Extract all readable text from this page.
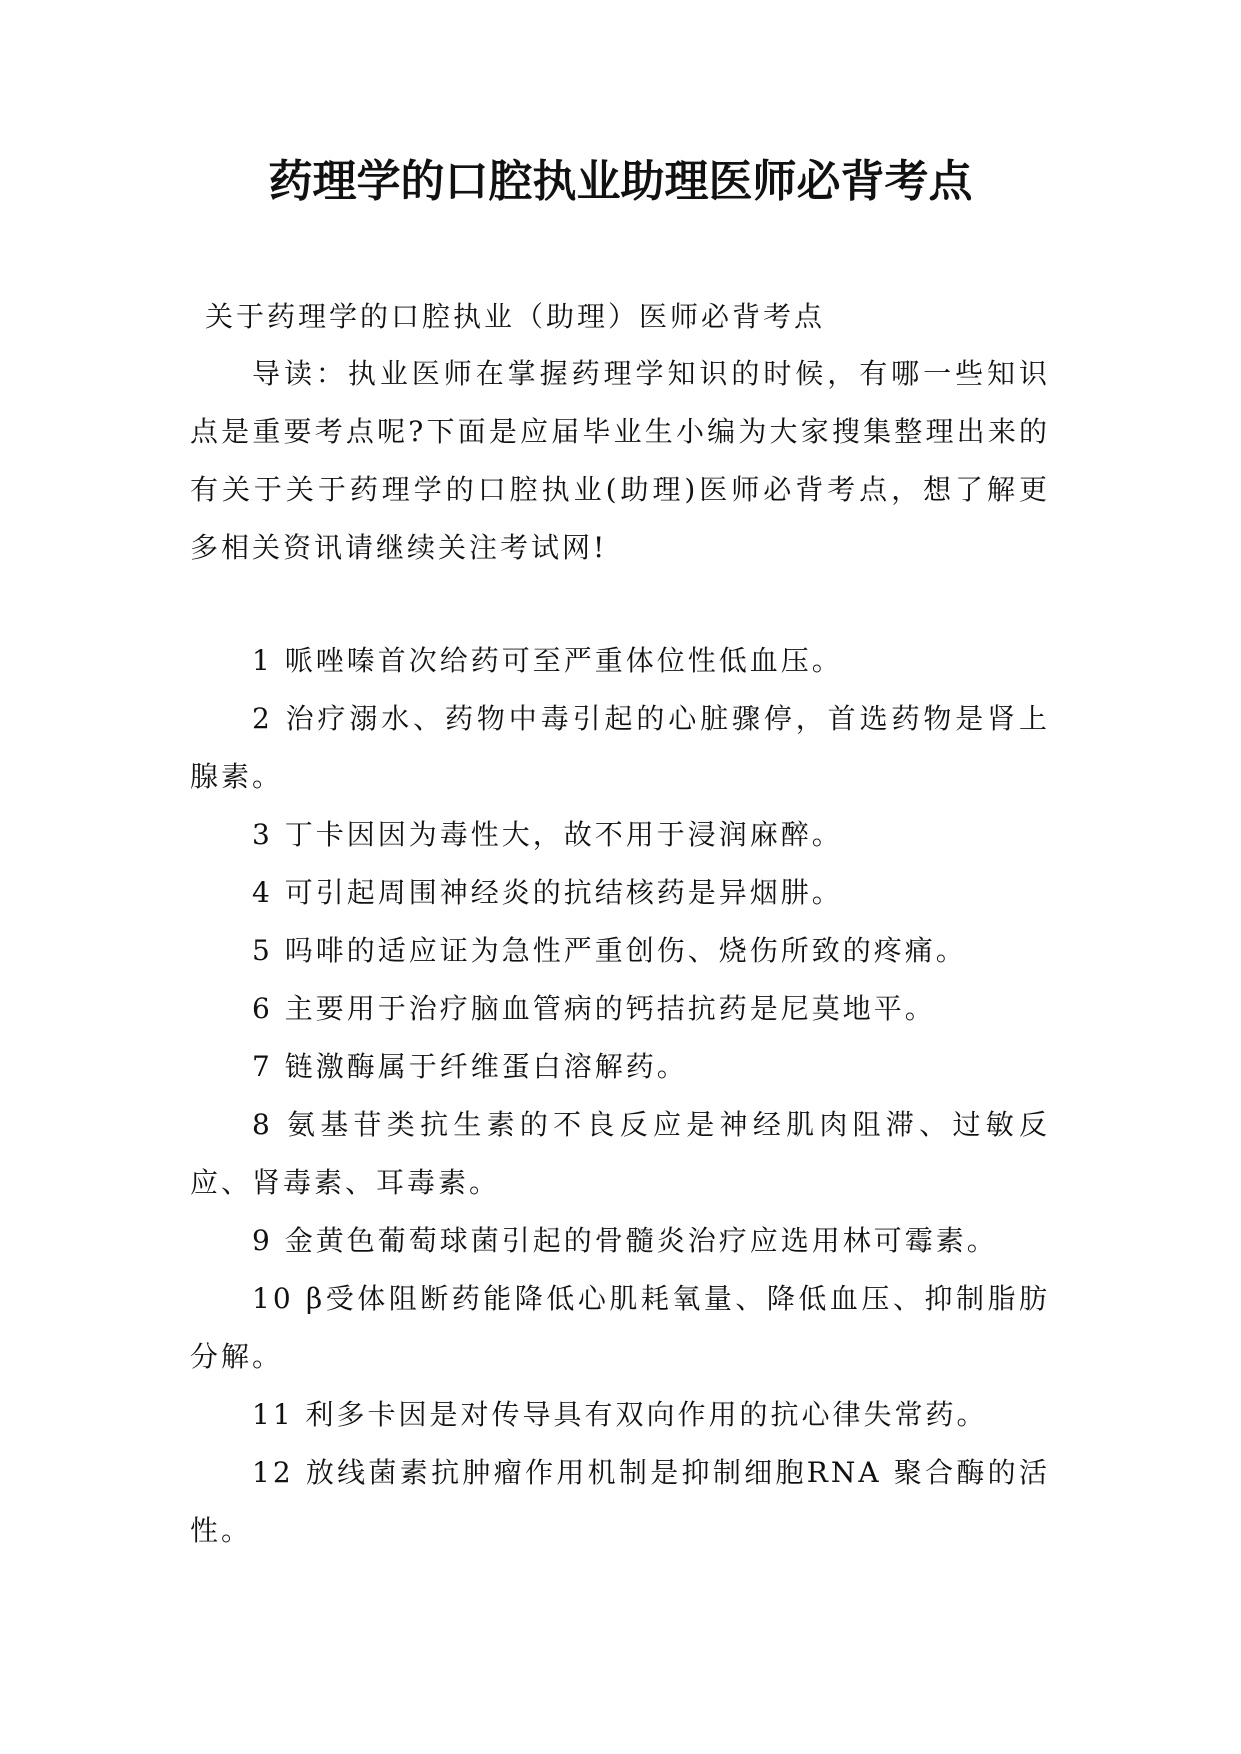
药理学的口腔执业助理医师必背考点

关于药理学的口腔执业（助理）医师必背考点

导读：执业医师在掌握药理学知识的时候，有哪一些知识点是重要考点呢?下面是应届毕业生小编为大家搜集整理出来的有关于关于药理学的口腔执业(助理)医师必背考点，想了解更多相关资讯请继续关注考试网!

1 哌唑嗪首次给药可至严重体位性低血压。

2 治疗溺水、药物中毒引起的心脏骤停，首选药物是肾上腺素。

3 丁卡因因为毒性大，故不用于浸润麻醉。

4 可引起周围神经炎的抗结核药是异烟肼。

5 吗啡的适应证为急性严重创伤、烧伤所致的疼痛。

6 主要用于治疗脑血管病的钙拮抗药是尼莫地平。

7 链激酶属于纤维蛋白溶解药。

8 氨基苷类抗生素的不良反应是神经肌肉阻滞、过敏反应、肾毒素、耳毒素。

9 金黄色葡萄球菌引起的骨髓炎治疗应选用林可霉素。

10 β受体阻断药能降低心肌耗氧量、降低血压、抑制脂肪分解。

11 利多卡因是对传导具有双向作用的抗心律失常药。

12 放线菌素抗肿瘤作用机制是抑制细胞RNA 聚合酶的活性。
